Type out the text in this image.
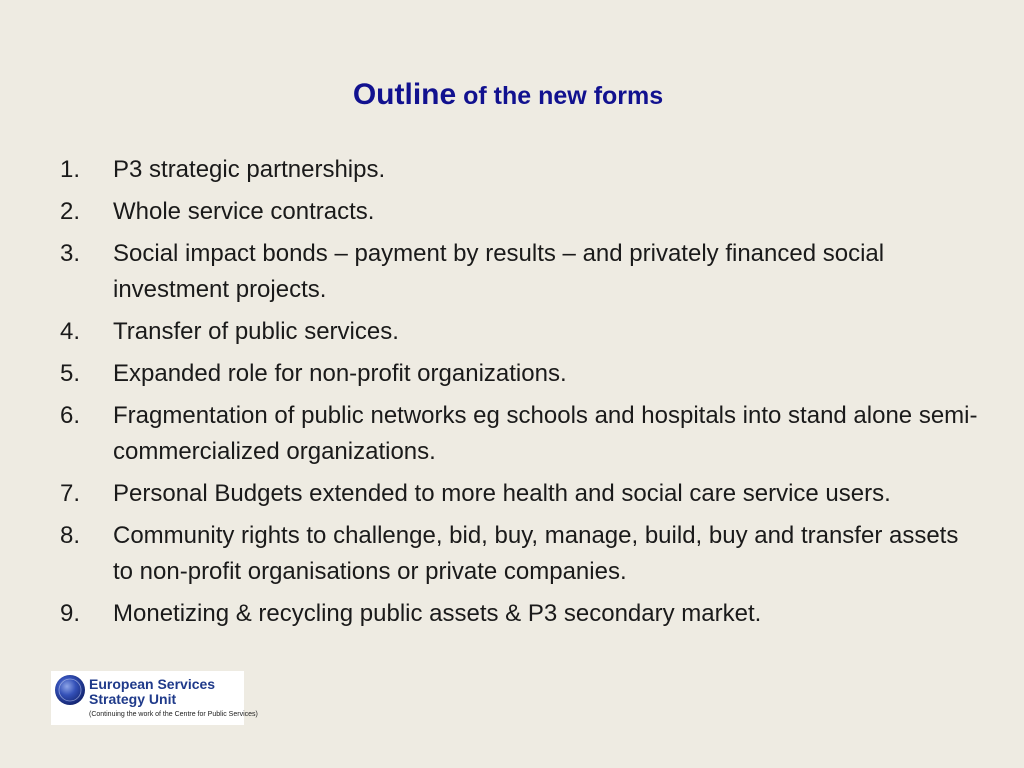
Outline of the new forms
1. P3 strategic partnerships.
2. Whole service contracts.
3. Social impact bonds – payment by results – and privately financed social investment projects.
4. Transfer of public services.
5. Expanded role for non-profit organizations.
6. Fragmentation of public networks eg schools and hospitals into stand alone semi-commercialized organizations.
7. Personal Budgets extended to more health and social care service users.
8. Community rights to challenge, bid, buy, manage, build, buy and transfer assets to non-profit organisations or private companies.
9. Monetizing & recycling public assets & P3 secondary market.
European Services
Strategy Unit
(Continuing the work of the Centre for Public Services)
